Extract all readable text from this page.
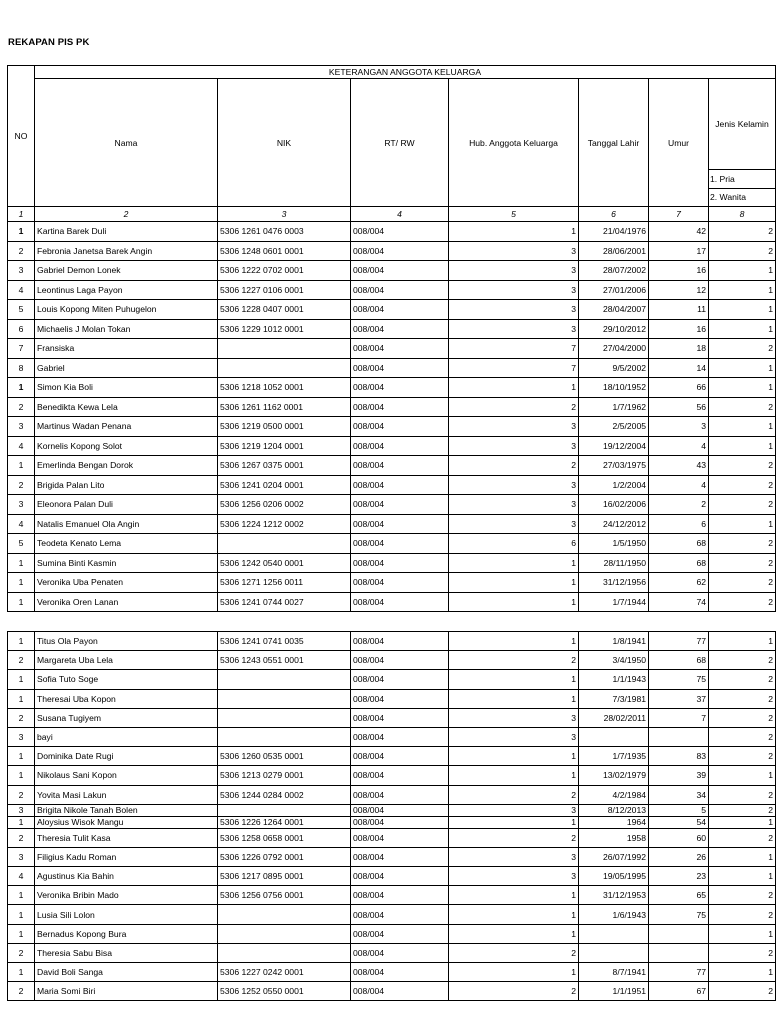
REKAPAN PIS PK
NO	KETERANGAN ANGGOTA KELUARGA						
	Nama	NIK	RT/ RW	Hub. Anggota Keluarga	Tanggal Lahir	Umur	Jenis Kelamin

							1. Pria
2. Wanita

1	2	3	4	5	6	7	8
1	Kartina Barek Duli	5306 1261 0476 0003	008/004	1	21/04/1976	42	2
2	Febronia Janetsa Barek Angin	5306 1248 0601 0001	008/004	3	28/06/2001	17	2
3	Gabriel Demon Lonek	5306 1222 0702 0001	008/004	3	28/07/2002	16	1
4	Leontinus Laga Payon	5306 1227 0106 0001	008/004	3	27/01/2006	12	1
5	Louis Kopong Miten Puhugelon	5306 1228 0407 0001	008/004	3	28/04/2007	11	1
6	Michaelis J Molan Tokan	5306 1229 1012 0001	008/004	3	29/10/2012	16	1
7	Fransiska		008/004	7	27/04/2000	18	2
8	Gabriel		008/004	7	9/5/2002	14	1
1	Simon Kia Boli	5306 1218 1052 0001	008/004	1	18/10/1952	66	1
2	Benedikta Kewa Lela	5306 1261 1162 0001	008/004	2	1/7/1962	56	2
3	Martinus Wadan Penana	5306 1219 0500 0001	008/004	3	2/5/2005	3	1
4	Kornelis Kopong Solot	5306 1219 1204 0001	008/004	3	19/12/2004	4	1
1	Emerlinda Bengan Dorok	5306 1267 0375 0001	008/004	2	27/03/1975	43	2
2	Brigida Palan Lito	5306 1241 0204 0001	008/004	3	1/2/2004	4	2
3	Eleonora Palan Duli	5306 1256 0206 0002	008/004	3	16/02/2006	2	2
4	Natalis Emanuel Ola Angin	5306 1224 1212 0002	008/004	3	24/12/2012	6	1
5	Teodeta Kenato Lema		008/004	6	1/5/1950	68	2
1	Sumina Binti Kasmin	5306 1242 0540 0001	008/004	1	28/11/1950	68	2
1	Veronika Uba Penaten	5306 1271 1256 0011	008/004	1	31/12/1956	62	2
1	Veronika Oren Lanan	5306 1241 0744 0027	008/004	1	1/7/1944	74	2
1	Titus Ola Payon	5306 1241 0741 0035	008/004	1	1/8/1941	77	1
2	Margareta Uba Lela	5306 1243 0551 0001	008/004	2	3/4/1950	68	2
1	Sofia Tuto Soge		008/004	1	1/1/1943	75	2
1	Theresai Uba Kopon		008/004	1	7/3/1981	37	2
2	Susana Tugiyem		008/004	3	28/02/2011	7	2
3	bayi		008/004	3			2
1	Dominika Date Rugi	5306 1260 0535 0001	008/004	1	1/7/1935	83	2
1	Nikolaus Sani Kopon	5306 1213 0279 0001	008/004	1	13/02/1979	39	1
2	Yovita Masi Lakun	5306 1244 0284 0002	008/004	2	4/2/1984	34	2
3	Brigita Nikole Tanah Bolen		008/004	3	8/12/2013	5	2
1	Aloysius Wisok Mangu	5306 1226 1264 0001	008/004	1	1964	54	1
2	Theresia Tulit Kasa	5306 1258 0658 0001	008/004	2	1958	60	2
3	Filigius Kadu Roman	5306 1226 0792 0001	008/004	3	26/07/1992	26	1
4	Agustinus Kia Bahin	5306 1217 0895 0001	008/004	3	19/05/1995	23	1
1	Veronika Bribin Mado	5306 1256 0756 0001	008/004	1	31/12/1953	65	2
1	Lusia Sili Lolon		008/004	1	1/6/1943	75	2
1	Bernadus Kopong Bura		008/004	1			1
2	Theresia Sabu Bisa		008/004	2			2
1	David Boli Sanga	5306 1227 0242 0001	008/004	1	8/7/1941	77	1
2	Maria Somi Biri	5306 1252 0550 0001	008/004	2	1/1/1951	67	2
